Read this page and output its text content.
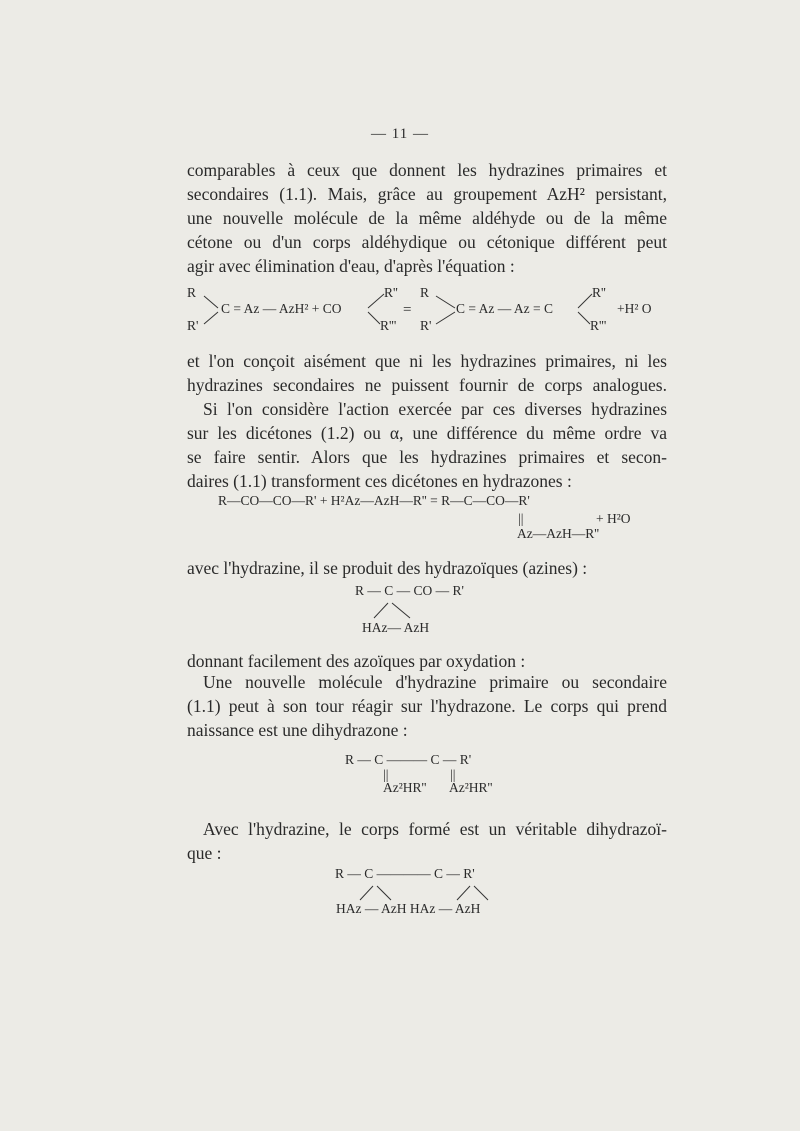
— 11 —
comparables à ceux que donnent les hydrazines primaires et
secondaires (1.1). Mais, grâce au groupement AzH² persistant,
une nouvelle molécule de la même aldéhyde ou de la même
cétone ou d'un corps aldéhydique ou cétonique différent peut
agir avec élimination d'eau, d'après l'équation :
R
R'
C = Az — AzH² + CO
R''
R'''
=
R
R'
C = Az — Az = C
R''
R'''
+H² O
et l'on conçoit aisément que ni les hydrazines primaires, ni les
hydrazines secondaires ne puissent fournir de corps analogues.
Si l'on considère l'action exercée par ces diverses hydrazines
sur les dicétones (1.2) ou α, une différence du même ordre va
se faire sentir. Alors que les hydrazines primaires et secon-
daires (1.1) transforment ces dicétones en hydrazones :
R—CO—CO—R' + H²Az—AzH—R'' = R—C—CO—R'
||	+ H²O
Az—AzH—R''
avec l'hydrazine, il se produit des hydrazoïques (azines) :
R — C — CO — R'
HAz— AzH
donnant facilement des azoïques par oxydation :
Une nouvelle molécule d'hydrazine primaire ou secondaire
(1.1) peut à son tour réagir sur l'hydrazone. Le corps qui prend
naissance est une dihydrazone :
R — C ——— C — R'
||	||
Az²HR'' Az²HR''
Avec l'hydrazine, le corps formé est un véritable dihydrazoï-
que :
R — C ———— C — R'
HAz — AzH HAz — AzH
